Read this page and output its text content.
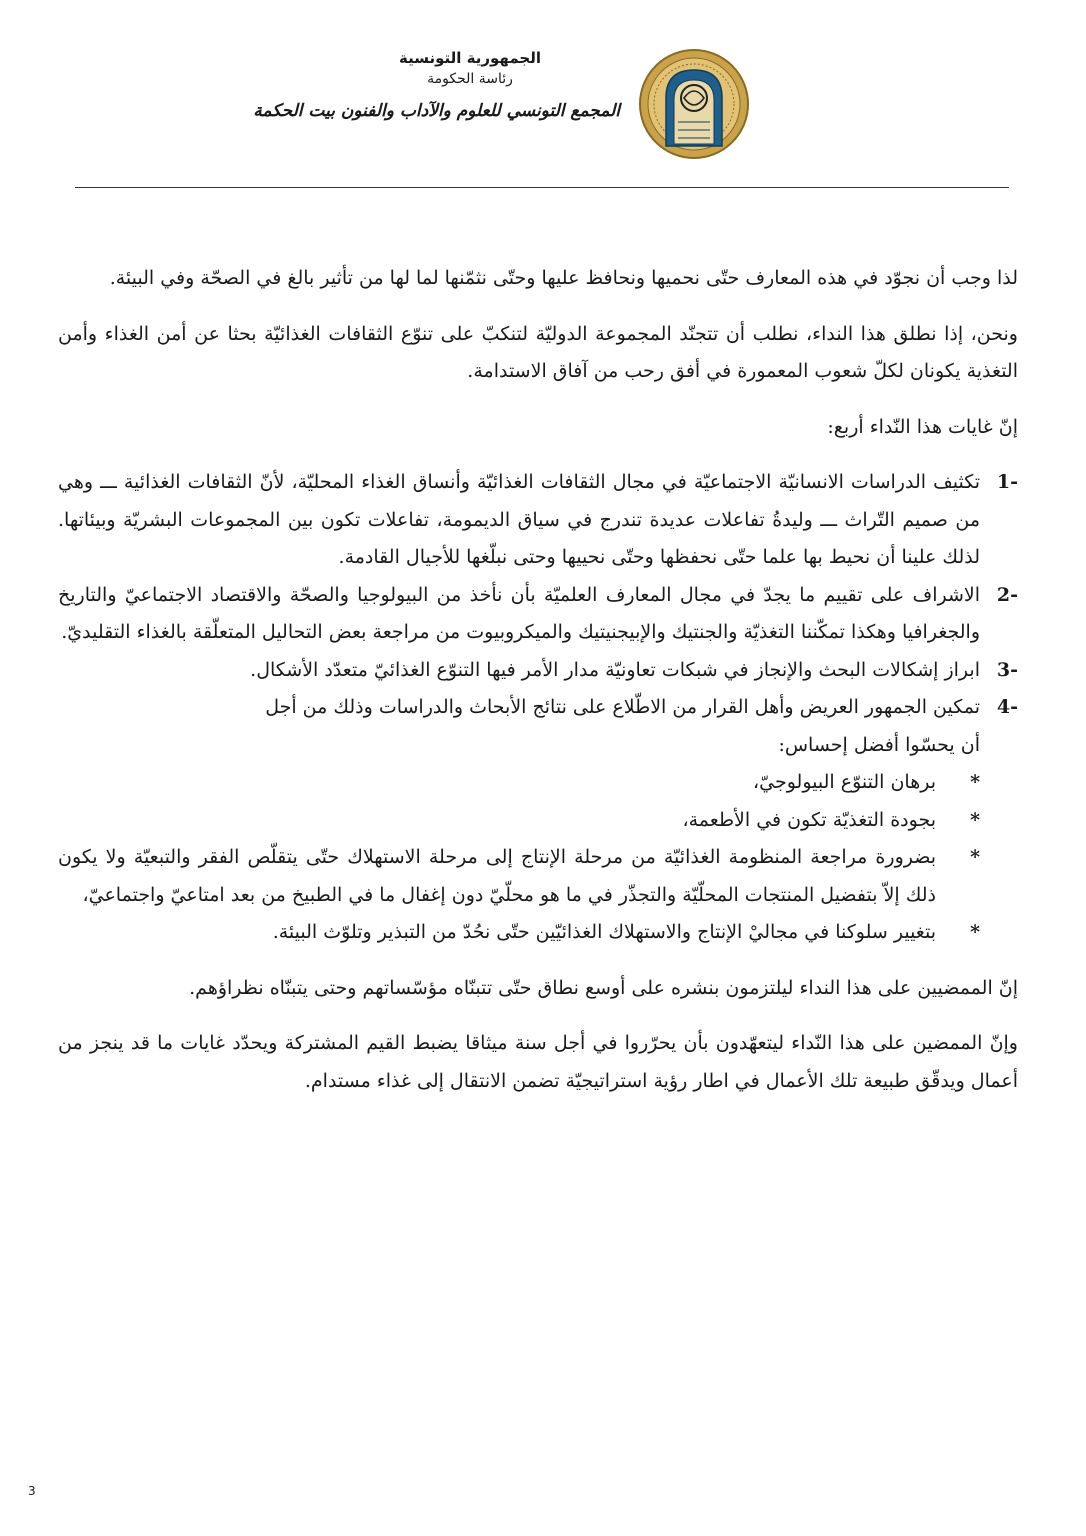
الجمهورية التونسية
رئاسة الحكومة
المجمع التونسي للعلوم والآداب والفنون بيت الحكمة

لذا وجب أن نجوّد في هذه المعارف حتّى نحميها ونحافظ عليها وحتّى نثمّنها لما لها من تأثير بالغ في الصحّة وفي البيئة.

ونحن، إذا نطلق هذا النداء، نطلب أن تتجنّد المجموعة الدوليّة لتنكبّ على تنوّع الثقافات الغذائيّة بحثا عن أمن الغذاء وأمن التغذية يكونان لكلّ شعوب المعمورة في أفق رحب من آفاق الاستدامة.

إنّ غايات هذا النّداء أربع:

-1
تكثيف الدراسات الانسانيّة الاجتماعيّة في مجال الثقافات الغذائيّة وأنساق الغذاء المحليّة، لأنّ الثقافات الغذائية ـــ وهي من صميم التّراث ـــ وليدةُ تفاعلات عديدة تندرج في سياق الديمومة، تفاعلات تكون بين المجموعات البشريّة وبيئاتها. لذلك علينا أن نحيط بها علما حتّى نحفظها وحتّى نحييها وحتى نبلّغها للأجيال القادمة.
-2
الاشراف على تقييم ما يجدّ في مجال المعارف العلميّة بأن نأخذ من البيولوجيا والصحّة والاقتصاد الاجتماعيّ والتاريخ والجغرافيا وهكذا تمكّننا التغذيّة والجنتيك والإبيجنيتيك والميكروبيوت من مراجعة بعض التحاليل المتعلّقة بالغذاء التقليديّ.
-3
ابراز إشكالات البحث والإنجاز في شبكات تعاونيّة مدار الأمر فيها التنوّع الغذائيّ متعدّد الأشكال.
-4
تمكين الجمهور العريض وأهل القرار من الاطّلاع على نتائج الأبحاث والدراسات وذلك من أجل
أن يحسّوا أفضل إحساس:
*
برهان التنوّع البيولوجيّ،
*
بجودة التغذيّة تكون في الأطعمة،
*
بضرورة مراجعة المنظومة الغذائيّة من مرحلة الإنتاج إلى مرحلة الاستهلاك حتّى يتقلّص الفقر والتبعيّة ولا يكون ذلك إلاّ بتفضيل المنتجات المحلّيّة والتجذّر في ما هو محلّيّ دون إغفال ما في الطبيخ من بعد امتاعيّ واجتماعيّ،
*
بتغيير سلوكنا في مجاليْ الإنتاج والاستهلاك الغذائيّين حتّى نحُدّ من التبذير وتلوّث البيئة.

إنّ الممضيين على هذا النداء ليلتزمون بنشره على أوسع نطاق حتّى تتبنّاه مؤسّساتهم وحتى يتبنّاه نظراؤهم.

وإنّ الممضين على هذا النّداء ليتعهّدون بأن يحرّروا في أجل سنة ميثاقا يضبط القيم المشتركة ويحدّد غايات ما قد ينجز من أعمال ويدقّق طبيعة تلك الأعمال في اطار رؤية استراتيجيّة تضمن الانتقال إلى غذاء مستدام.

3
